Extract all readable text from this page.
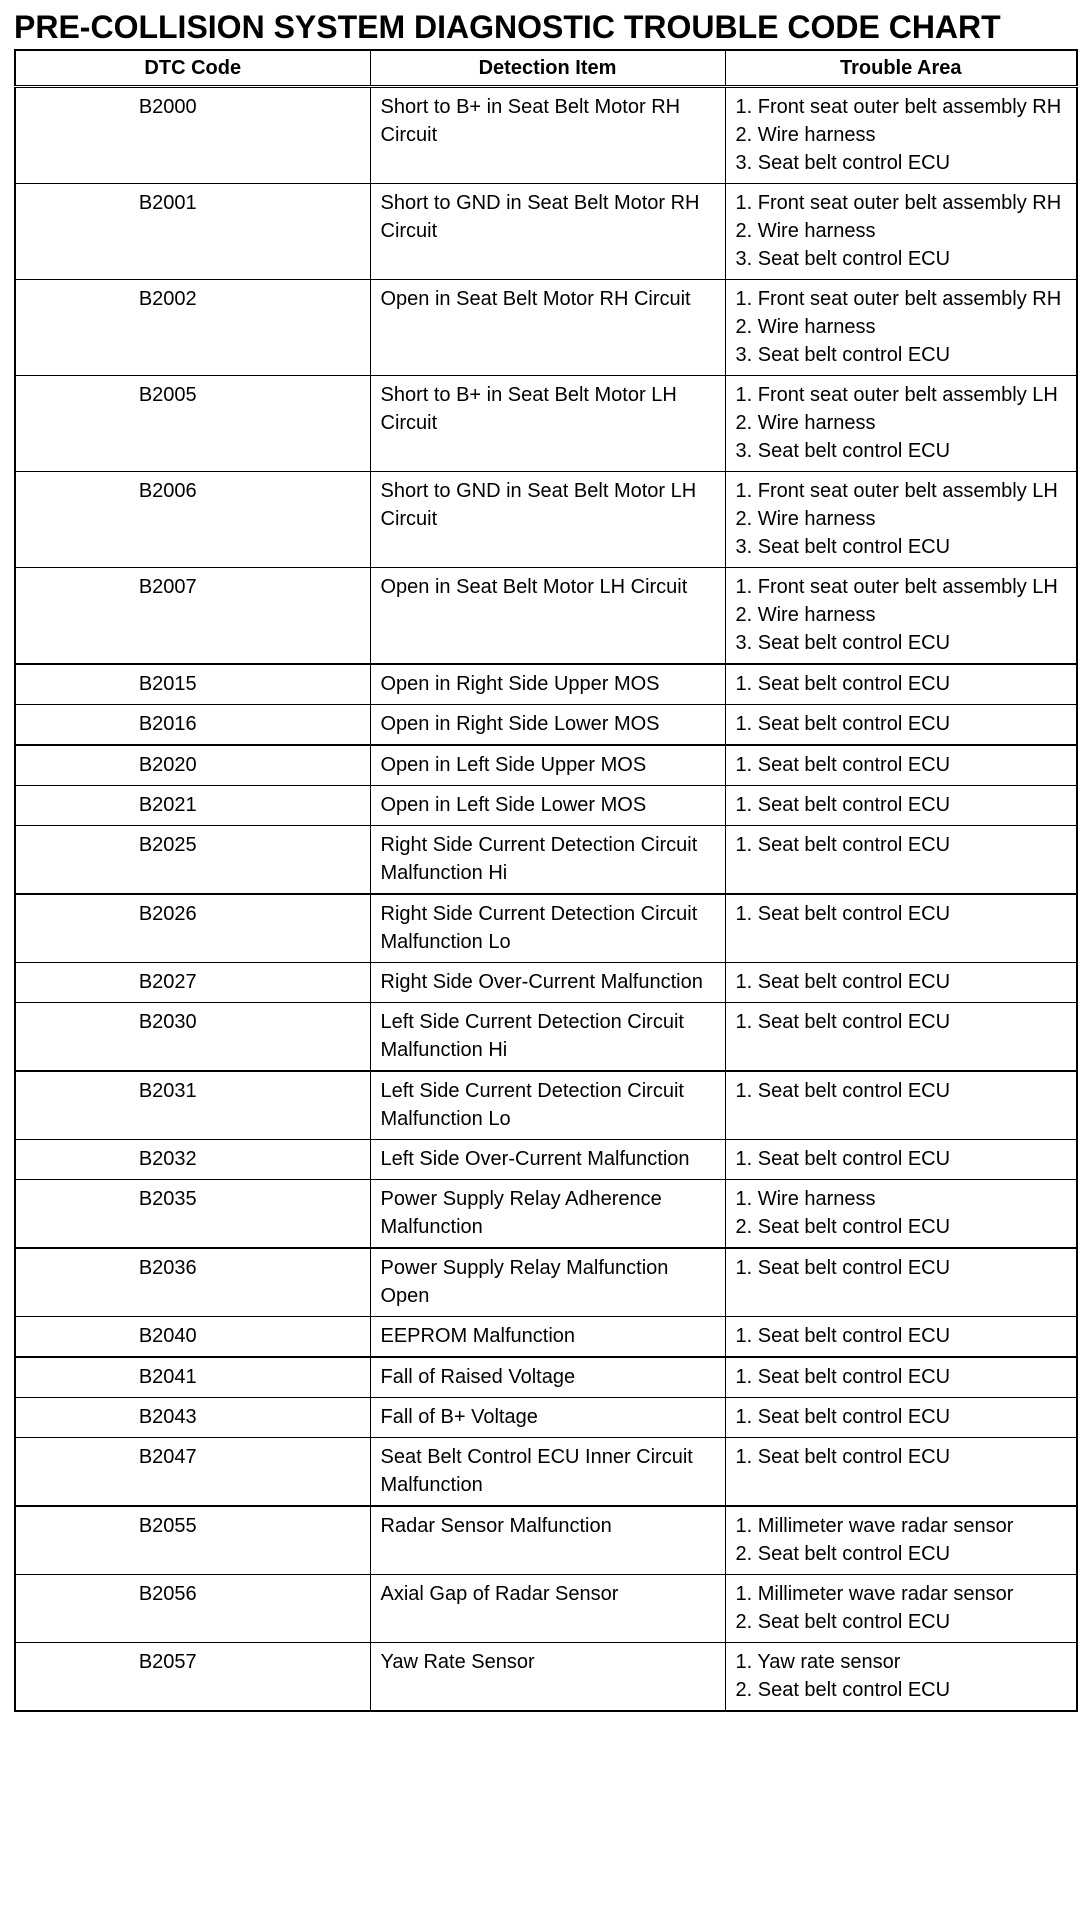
PRE-COLLISION SYSTEM DIAGNOSTIC TROUBLE CODE CHART
DTC Code	Detection Item	Trouble Area
B2000	Short to B+ in Seat Belt Motor RH Circuit	1. Front seat outer belt assembly RH
2. Wire harness
3. Seat belt control ECU

B2001	Short to GND in Seat Belt Motor RH Circuit	1. Front seat outer belt assembly RH
2. Wire harness
3. Seat belt control ECU

B2002	Open in Seat Belt Motor RH Circuit	1. Front seat outer belt assembly RH
2. Wire harness
3. Seat belt control ECU

B2005	Short to B+ in Seat Belt Motor LH Circuit	1. Front seat outer belt assembly LH
2. Wire harness
3. Seat belt control ECU

B2006	Short to GND in Seat Belt Motor LH Circuit	1. Front seat outer belt assembly LH
2. Wire harness
3. Seat belt control ECU

B2007	Open in Seat Belt Motor LH Circuit	1. Front seat outer belt assembly LH
2. Wire harness
3. Seat belt control ECU

B2015	Open in Right Side Upper MOS	1. Seat belt control ECU

B2016	Open in Right Side Lower MOS	1. Seat belt control ECU

B2020	Open in Left Side Upper MOS	1. Seat belt control ECU

B2021	Open in Left Side Lower MOS	1. Seat belt control ECU

B2025	Right Side Current Detection Circuit Malfunction Hi	1. Seat belt control ECU

B2026	Right Side Current Detection Circuit Malfunction Lo	1. Seat belt control ECU

B2027	Right Side Over-Current Malfunction	1. Seat belt control ECU

B2030	Left Side Current Detection Circuit Malfunction Hi	1. Seat belt control ECU

B2031	Left Side Current Detection Circuit Malfunction Lo	1. Seat belt control ECU

B2032	Left Side Over-Current Malfunction	1. Seat belt control ECU

B2035	Power Supply Relay Adherence Malfunction	1. Wire harness
2. Seat belt control ECU

B2036	Power Supply Relay Malfunction Open	1. Seat belt control ECU

B2040	EEPROM Malfunction	1. Seat belt control ECU

B2041	Fall of Raised Voltage	1. Seat belt control ECU

B2043	Fall of B+ Voltage	1. Seat belt control ECU

B2047	Seat Belt Control ECU Inner Circuit Malfunction	1. Seat belt control ECU

B2055	Radar Sensor Malfunction	1. Millimeter wave radar sensor
2. Seat belt control ECU

B2056	Axial Gap of Radar Sensor	1. Millimeter wave radar sensor
2. Seat belt control ECU

B2057	Yaw Rate Sensor	1. Yaw rate sensor
2. Seat belt control ECU
